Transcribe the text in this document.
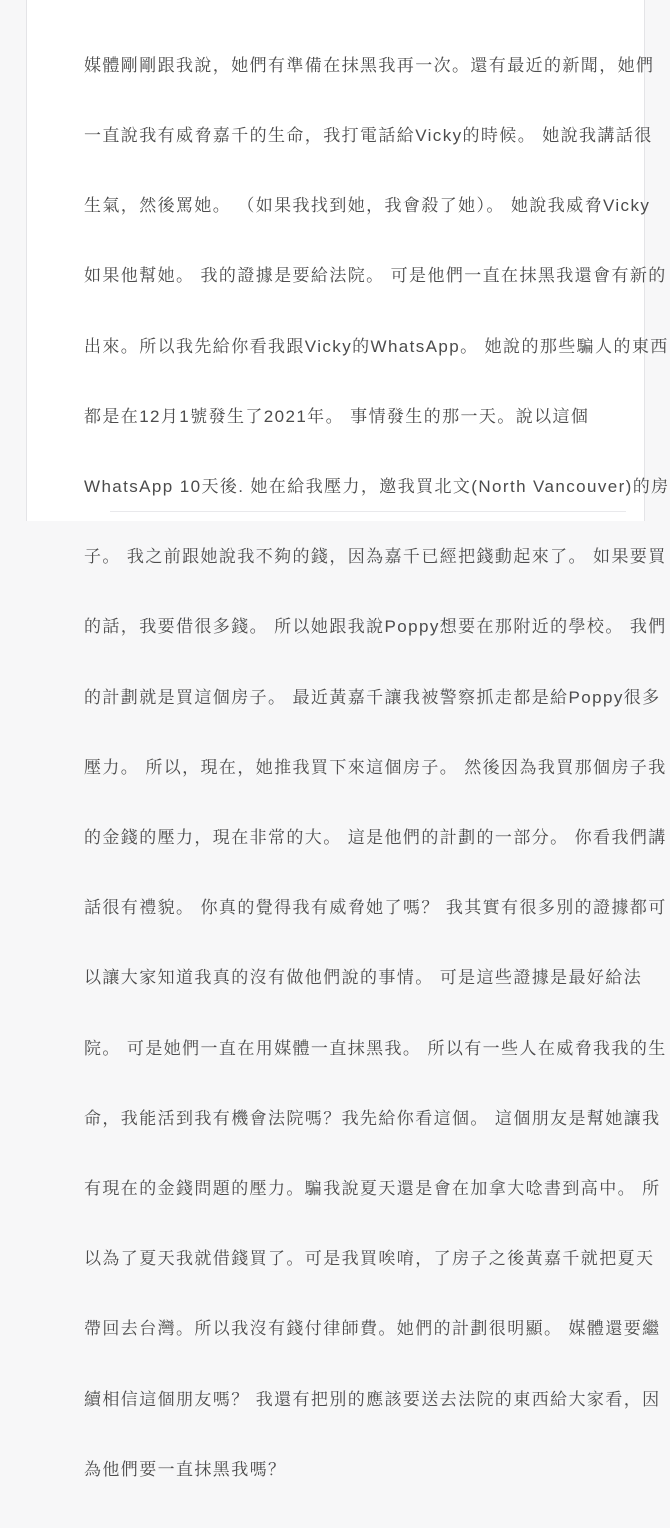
媒體剛剛跟我說，她們有準備在抹黑我再一次。還有最近的新聞，她們

一直說我有威脅嘉千的生命，我打電話給Vicky的時候。 她說我講話很

生氣，然後罵她。 （如果我找到她，我會殺了她）。 她說我威脅Vicky

如果他幫她。 我的證據是要給法院。 可是他們一直在抹黑我還會有新的

出來。所以我先給你看我跟Vicky的WhatsApp。 她說的那些騙人的東西

都是在12月1號發生了2021年。 事情發生的那一天。說以這個

WhatsApp 10天後. 她在給我壓力，邀我買北文(North Vancouver)的房

子。 我之前跟她說我不夠的錢，因為嘉千已經把錢動起來了。 如果要買

的話，我要借很多錢。 所以她跟我說Poppy想要在那附近的學校。 我們

的計劃就是買這個房子。 最近黃嘉千讓我被警察抓走都是給Poppy很多

壓力。 所以，現在，她推我買下來這個房子。 然後因為我買那個房子我

的金錢的壓力，現在非常的大。 這是他們的計劃的一部分。 你看我們講

話很有禮貌。 你真的覺得我有威脅她了嗎？ 我其實有很多別的證據都可

以讓大家知道我真的沒有做他們說的事情。 可是這些證據是最好給法

院。 可是她們一直在用媒體一直抹黑我。 所以有一些人在威脅我我的生

命，我能活到我有機會法院嗎？我先給你看這個。 這個朋友是幫她讓我

有現在的金錢問題的壓力。騙我說夏天還是會在加拿大唸書到高中。 所

以為了夏天我就借錢買了。可是我買唉唷，了房子之後黃嘉千就把夏天

帶回去台灣。所以我沒有錢付律師費。她們的計劃很明顯。 媒體還要繼

續相信這個朋友嗎？ 我還有把別的應該要送去法院的東西給大家看，因

為他們要一直抹黑我嗎？
